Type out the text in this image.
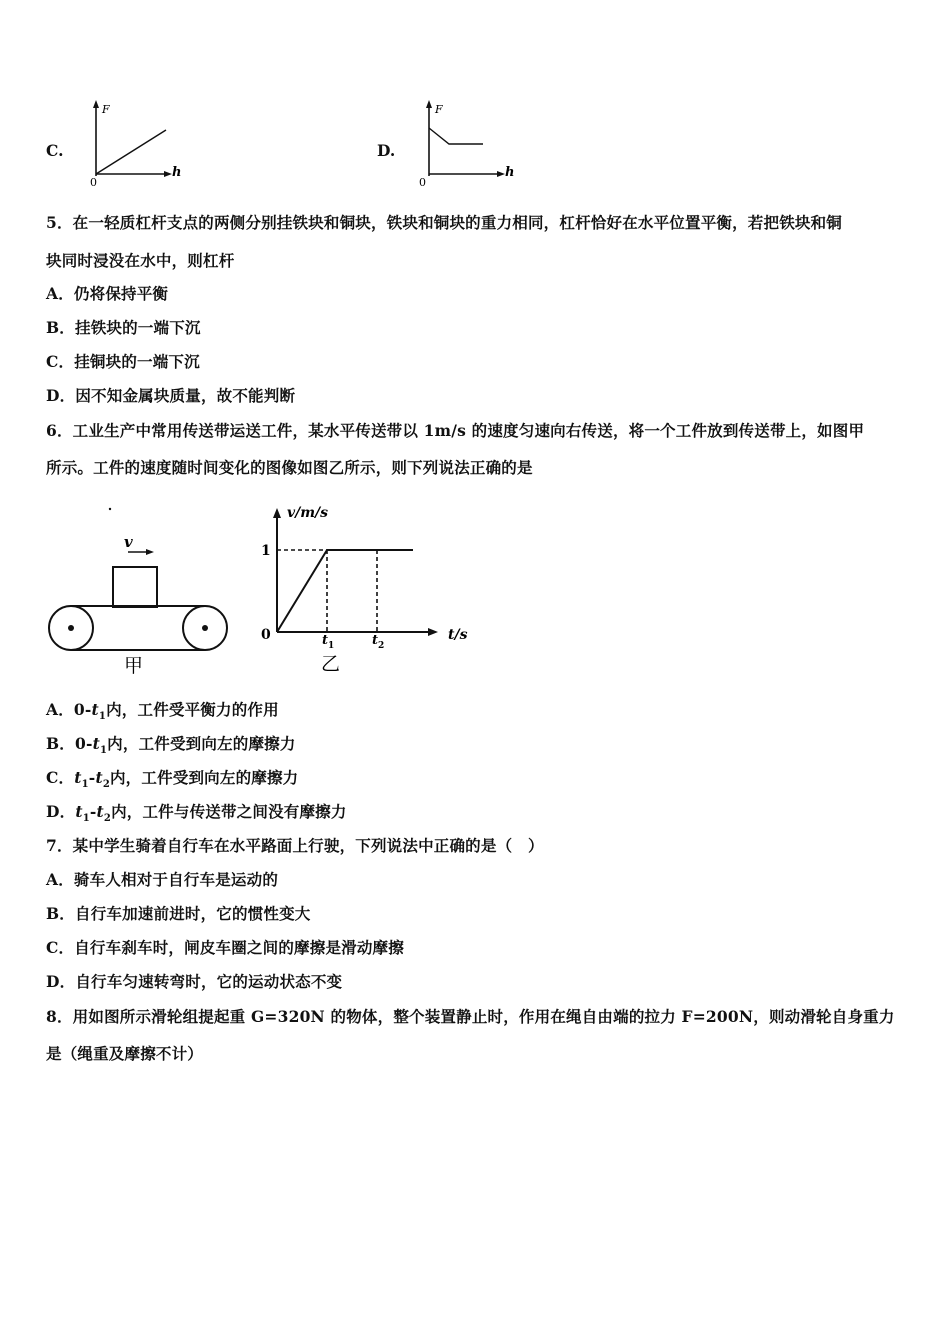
C.
F
h
0
D.
F
h
0
5．在一轻质杠杆支点的两侧分别挂铁块和铜块，铁块和铜块的重力相同，杠杆恰好在水平位置平衡，若把铁块和铜
块同时浸没在水中，则杠杆
A．仍将保持平衡
B．挂铁块的一端下沉
C．挂铜块的一端下沉
D．因不知金属块质量，故不能判断
6．工业生产中常用传送带运送工件，某水平传送带以 1m/s 的速度匀速向右传送，将一个工件放到传送带上，如图甲
所示。工件的速度随时间变化的图像如图乙所示，则下列说法正确的是
v
甲
v/m/s
t/s
0
1
$t_1$	$t_2$
乙
A．$0-t_1$内，工件受平衡力的作用
B．$0-t_1$内，工件受到向左的摩擦力
C．$t_1-t_2$内，工件受到向左的摩擦力
D．$t_1-t_2$内，工件与传送带之间没有摩擦力
7．某中学生骑着自行车在水平路面上行驶，下列说法中正确的是（　）
A．骑车人相对于自行车是运动的
B．自行车加速前进时，它的惯性变大
C．自行车刹车时，闸皮车圈之间的摩擦是滑动摩擦
D．自行车匀速转弯时，它的运动状态不变
8．用如图所示滑轮组提起重 G=320N 的物体，整个装置静止时，作用在绳自由端的拉力 F=200N，则动滑轮自身重力
是（绳重及摩擦不计）
